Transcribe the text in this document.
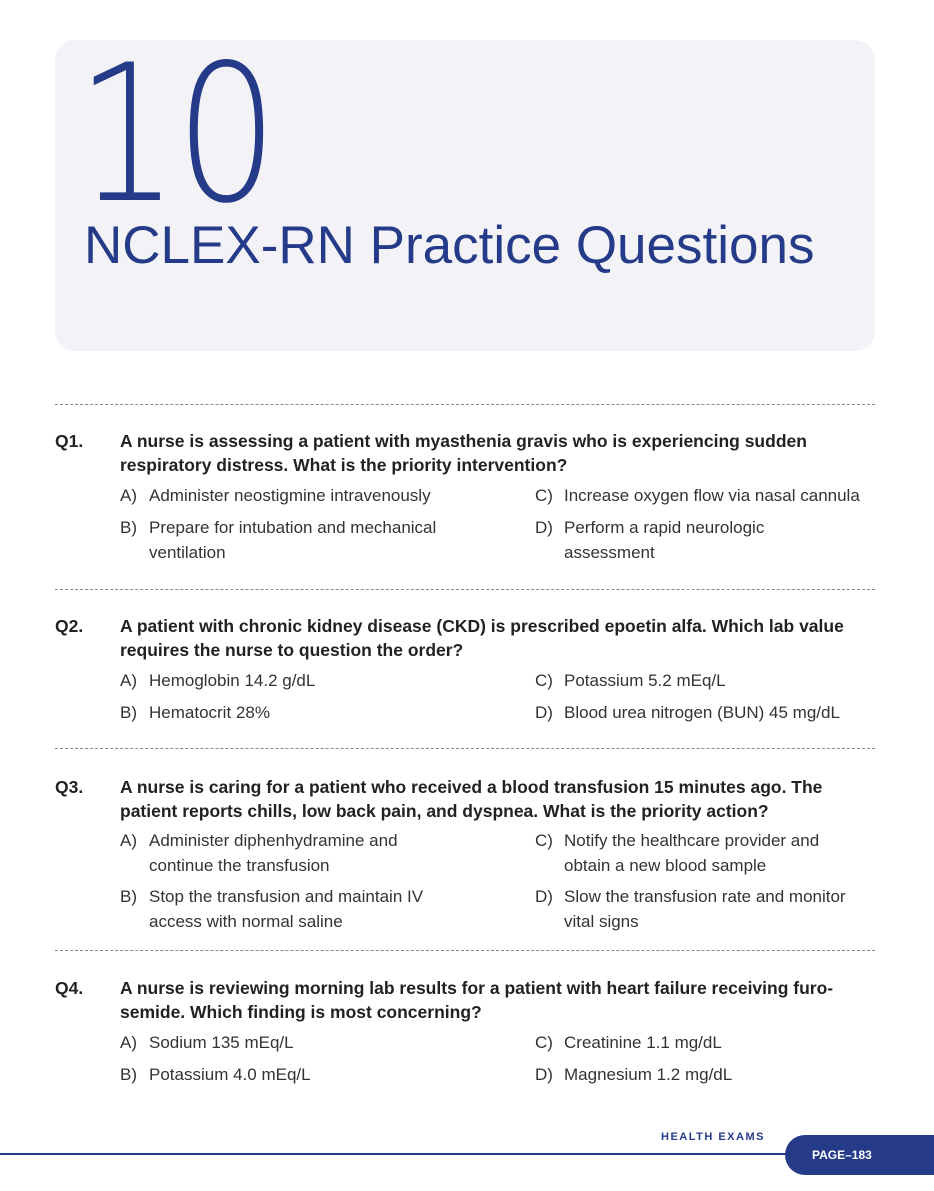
10
NCLEX-RN Practice Questions
Q1. A nurse is assessing a patient with myasthenia gravis who is experiencing sudden respiratory distress. What is the priority intervention?
A) Administer neostigmine intravenously
B) Prepare for intubation and mechanical ventilation
C) Increase oxygen flow via nasal cannula
D) Perform a rapid neurologic assessment
Q2. A patient with chronic kidney disease (CKD) is prescribed epoetin alfa. Which lab value requires the nurse to question the order?
A) Hemoglobin 14.2 g/dL
B) Hematocrit 28%
C) Potassium 5.2 mEq/L
D) Blood urea nitrogen (BUN) 45 mg/dL
Q3. A nurse is caring for a patient who received a blood transfusion 15 minutes ago. The patient reports chills, low back pain, and dyspnea. What is the priority action?
A) Administer diphenhydramine and continue the transfusion
B) Stop the transfusion and maintain IV access with normal saline
C) Notify the healthcare provider and obtain a new blood sample
D) Slow the transfusion rate and monitor vital signs
Q4. A nurse is reviewing morning lab results for a patient with heart failure receiving furo-semide. Which finding is most concerning?
A) Sodium 135 mEq/L
B) Potassium 4.0 mEq/L
C) Creatinine 1.1 mg/dL
D) Magnesium 1.2 mg/dL
HEALTH EXAMS
PAGE–183
